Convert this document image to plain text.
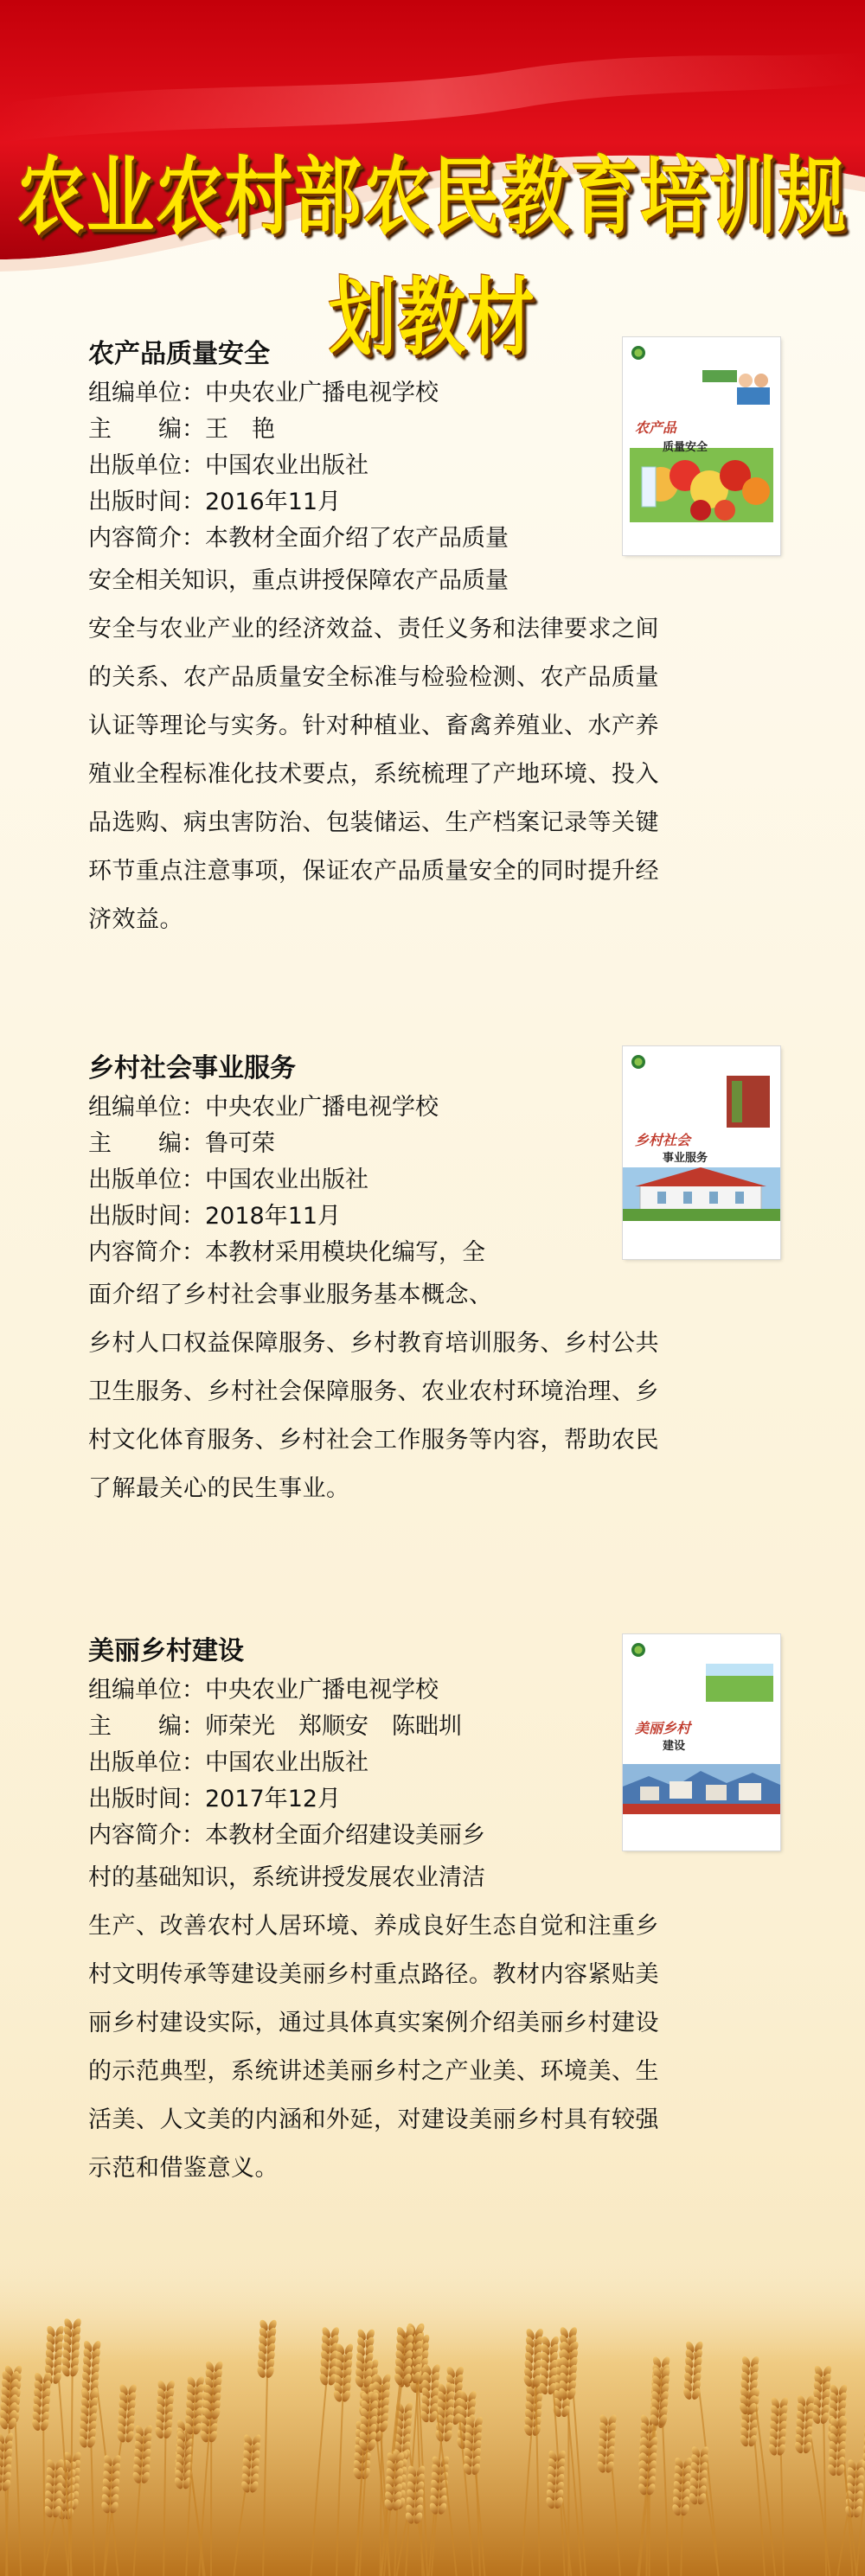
农业农村部农民教育培训规划教材
农产品质量安全
组编单位：中央农业广播电视学校
主　　编：王　艳
出版单位：中国农业出版社
出版时间：2016年11月
内容简介：本教材全面介绍了农产品质量
安全相关知识，重点讲授保障农产品质量
安全与农业产业的经济效益、责任义务和法律要求之间
的关系、农产品质量安全标准与检验检测、农产品质量
认证等理论与实务。针对种植业、畜禽养殖业、水产养
殖业全程标准化技术要点，系统梳理了产地环境、投入
品选购、病虫害防治、包装储运、生产档案记录等关键
环节重点注意事项，保证农产品质量安全的同时提升经
济效益。
农产品
质量安全
乡村社会事业服务
组编单位：中央农业广播电视学校
主　　编：鲁可荣
出版单位：中国农业出版社
出版时间：2018年11月
内容简介：本教材采用模块化编写，全
面介绍了乡村社会事业服务基本概念、
乡村人口权益保障服务、乡村教育培训服务、乡村公共
卫生服务、乡村社会保障服务、农业农村环境治理、乡
村文化体育服务、乡村社会工作服务等内容，帮助农民
了解最关心的民生事业。
乡村社会
事业服务
美丽乡村建设
组编单位：中央农业广播电视学校
主　　编：师荣光　郑顺安　陈昢圳
出版单位：中国农业出版社
出版时间：2017年12月
内容简介：本教材全面介绍建设美丽乡
村的基础知识，系统讲授发展农业清洁
生产、改善农村人居环境、养成良好生态自觉和注重乡
村文明传承等建设美丽乡村重点路径。教材内容紧贴美
丽乡村建设实际，通过具体真实案例介绍美丽乡村建设
的示范典型，系统讲述美丽乡村之产业美、环境美、生
活美、人文美的内涵和外延，对建设美丽乡村具有较强
示范和借鉴意义。
美丽乡村
建设
